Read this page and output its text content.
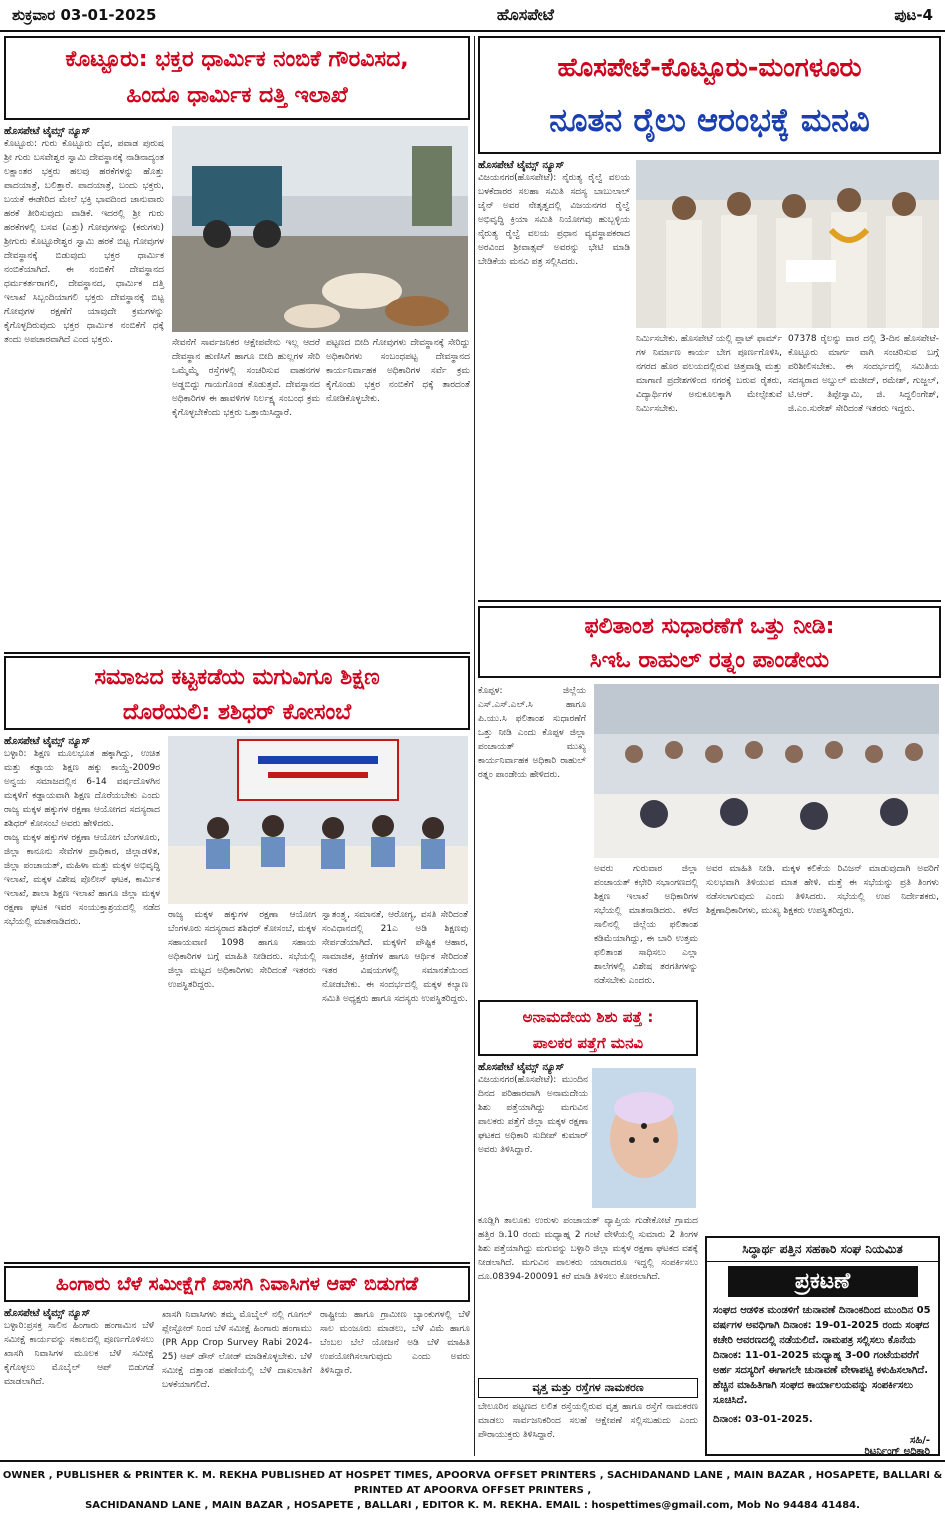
ಶುಕ್ರವಾರ 03-01-2025	ಹೊಸಪೇಟೆ	ಪುಟ-4
ಕೊಟ್ಟೂರು: ಭಕ್ತರ ಧಾರ್ಮಿಕ ನಂಬಿಕೆ ಗೌರವಿಸದ,
ಹಿಂದೂ ಧಾರ್ಮಿಕ ದತ್ತಿ ಇಲಾಖೆ
ಹೊಸಪೇಟೆ ಟೈಮ್ಸ್ ನ್ಯೂಸ್
ಕೊಟ್ಟೂರು: ಗುರು ಕೊಟ್ಟೂರು ದೈವ, ಪವಾಡ ಪುರುಷ ಶ್ರೀ ಗುರು ಬಸವೇಶ್ವರ ಸ್ವಾಮಿ ದೇವಸ್ಥಾನಕ್ಕೆ ನಾಡಿನಾದ್ಯಂತ ಲಕ್ಷಾಂತರ ಭಕ್ತರು ಹಲವು ಹರಕೆಗಳನ್ನು ಹೊತ್ತು ಪಾದಯಾತ್ರೆ, ಬಲಿತ್ತಾರೆ. ಪಾದಯಾತ್ರೆ, ಬಂದು ಭಕ್ತರು, ಬಯಕೆ ಈಡೇರಿದ ಮೇಲೆ ಭಕ್ತಿ ಭಾವದಿಂದ ಜಾನುವಾರು ಹರಕೆ ತೀರಿಸುವುದು ವಾಡಿಕೆ. ಇದರಲ್ಲಿ ಶ್ರೀ ಗುರು ಹರಕೆಗಳಲ್ಲಿ ಬಸವ (ಎತ್ತು) ಗೋವುಗಳನ್ನು (ಕರುಗಳು) ಶ್ರೀಗುರು ಕೊಟ್ಟೂರೇಶ್ವರ ಸ್ವಾಮಿ ಹರಕೆ ಬಿಟ್ಟ ಗೋವುಗಳ ದೇವಸ್ಥಾನಕ್ಕೆ ಬಿಡುವುದು ಭಕ್ತರ ಧಾರ್ಮಿಕ ನಂಬಿಕೆಯಾಗಿದೆ. ಈ ನಂಬಿಕೆಗೆ ದೇವಸ್ಥಾನದ ಧರ್ಮಕರ್ತರಾಗಲಿ, ದೇವಸ್ಥಾನದ, ಧಾರ್ಮಿಕ ದತ್ತಿ ಇಲಾಖೆ ಸಿಬ್ಬಂದಿಯಾಗಲಿ ಭಕ್ತರು ದೇವಸ್ಥಾನಕ್ಕೆ ಬಿಟ್ಟ ಗೋವುಗಳ ರಕ್ಷಣೆಗೆ ಯಾವುದೇ ಕ್ರಮಗಳನ್ನು ಕೈಗೊಳ್ಳದಿರುವುದು ಭಕ್ತರ ಧಾರ್ಮಿಕ ನಂಬಿಕೆಗೆ ಧಕ್ಕೆ ತಂದು ಅಪಚಾರವಾಗಿದೆ ಎಂದ ಭಕ್ತರು.	ಸೇವನೆಗೆ ಸಾರ್ವಜನಿಕರ ಆಕ್ಷೇಪವೇನು ಇಲ್ಲ ಆದರೆ ದೇವಸ್ಥಾನ ಹುಣಿಸಿಗೆ ಹಾಗೂ ಬೀದಿ ಹುಲ್ಲಗಳ ಸೇರಿ ಒಮ್ಮೆಮ್ಮೆ ರಸ್ತೆಗಳಲ್ಲಿ ಸಂಚರಿಸುವ ವಾಹನಗಳ ಅಡ್ಡಬಿದ್ದು ಗಾಯಗೊಂಡ ಕೊಡುತ್ತವೆ. ದೇವಸ್ಥಾನದ ಅಧಿಕಾರಿಗಳ ಈ ಹಾವಳಿಗಳ ನಿರ್ಲಕ್ಷ್ಯ ಸಂಬಂಧ ಕ್ರಮ ಕೈಗೊಳ್ಳಬೇಕೆಂದು ಭಕ್ತರು ಒತ್ತಾಯಿಸಿದ್ದಾರೆ.
ಪಟ್ಟಣದ ಬೀದಿ ಗೋವುಗಳು ದೇವಸ್ಥಾನಕ್ಕೆ ಸೇರಿದ್ದು ಅಧಿಕಾರಿಗಳು ಸಂಬಂಧಪಟ್ಟ ದೇವಸ್ಥಾನದ ಕಾರ್ಯನಿರ್ವಾಹಕ ಅಧಿಕಾರಿಗಳ ಸರ್ವೆ ಕ್ರಮ ಕೈಗೊಂಡು ಭಕ್ತರ ನಂಬಿಕೆಗೆ ಧಕ್ಕೆ ತಾರದಂತೆ ನೋಡಿಕೊಳ್ಳಬೇಕು.
ಹೊಸಪೇಟೆ-ಕೊಟ್ಟೂರು-ಮಂಗಳೂರು
ನೂತನ ರೈಲು ಆರಂಭಕ್ಕೆ ಮನವಿ
ಹೊಸಪೇಟೆ ಟೈಮ್ಸ್ ನ್ಯೂಸ್
ವಿಜಯನಗರ(ಹೊಸಪೇಟೆ): ನೈರುತ್ಯ ರೈಲ್ವೆ ವಲಯ ಬಳಕೆದಾರರ ಸಲಹಾ ಸಮಿತಿ ಸದಸ್ಯ ಬಾಬುಲಾಲ್ ಜೈನ್ ಅವರ ನೇತೃತ್ವದಲ್ಲಿ ವಿಜಯನಗರ ರೈಲ್ವೆ ಅಭಿವೃದ್ಧಿ ಕ್ರಿಯಾ ಸಮಿತಿ ನಿಯೋಗವು ಹುಬ್ಬಳ್ಳಿಯ ನೈರುತ್ಯ ರೈಲ್ವೆ ವಲಯ ಪ್ರಧಾನ ವ್ಯವಸ್ಥಾಪಕರಾದ ಅರವಿಂದ ಶ್ರೀವಾತ್ಸವ್ ಅವರನ್ನು ಭೇಟಿ ಮಾಡಿ ಬೇಡಿಕೆಯ ಮನವಿ ಪತ್ರ ಸಲ್ಲಿಸಿದರು.
ನಿರ್ಮಿಸಬೇಕು. ಹೊಸಪೇಟೆ ಯಲ್ಲಿ ಪ್ಲಾಟ್ ಫಾರ್ಮ್ ಗಳ ನಿರ್ಮಾಣ ಕಾರ್ಯ ಬೇಗ ಪೂರ್ಣಗೊಳಿಸಿ, ನಗರದ ಹೊರ ವಲಯದಲ್ಲಿರುವ ಚಿತ್ತವಾಡ್ಗಿ ಮತ್ತು ಮಾಗಾಣಿ ಪ್ರದೇಶಗಳಿಂದ ನಗರಕ್ಕೆ ಬರುವ ರೈತರು, ವಿದ್ಯಾರ್ಥಿಗಳ ಅನುಕೂಲಕ್ಕಾಗಿ ಮೇಲ್ಸೇತುವೆ ನಿರ್ಮಿಸಬೇಕು.
07378 ರೈಲನ್ನು ವಾರ ದಲ್ಲಿ 3-ದಿನ ಹೊಸಪೇಟೆ-ಕೊಟ್ಟೂರು ಮಾರ್ಗ ವಾಗಿ ಸಂಚರಿಸುವ ಬಗ್ಗೆ ಪರಿಶೀಲಿಸಬೇಕು. ಈ ಸಂದರ್ಭದಲ್ಲಿ ಸಮಿತಿಯ ಸದಸ್ಯರಾದ ಅಬ್ದುಲ್ ಮಜೀದ್, ರಮೇಶ್, ಗುಜ್ಜಲ್, ಟಿ.ಆರ್. ತಿಪ್ಪೇಸ್ವಾಮಿ, ಜಿ. ಸಿದ್ದಲಿಂಗೇಶ್, ಜಿ.ಎಂ.ಸುರೇಶ್ ಸೇರಿದಂತೆ ಇತರರು ಇದ್ದರು.
ಫಲಿತಾಂಶ ಸುಧಾರಣೆಗೆ ಒತ್ತು ನೀಡಿ:
ಸಿಇಓ ರಾಹುಲ್ ರತ್ನಂ ಪಾಂಡೇಯ
ಕೊಪ್ಪಳ: ಜಿಲ್ಲೆಯ ಎಸ್.ಎಸ್.ಎಲ್.ಸಿ ಹಾಗೂ ಪಿ.ಯು.ಸಿ ಫಲಿತಾಂಶ ಸುಧಾರಣೆಗೆ ಒತ್ತು ನೀಡಿ ಎಂದು ಕೊಪ್ಪಳ ಜಿಲ್ಲಾ ಪಂಚಾಯತ್ ಮುಖ್ಯ ಕಾರ್ಯನಿರ್ವಾಹಕ ಅಧಿಕಾರಿ ರಾಹುಲ್ ರತ್ನಂ ಪಾಂಡೇಯ ಹೇಳಿದರು.
ಅವರು ಗುರುವಾರ ಜಿಲ್ಲಾ ಪಂಚಾಯತ್ ಕಛೇರಿ ಸಭಾಂಗಣದಲ್ಲಿ ಶಿಕ್ಷಣ ಇಲಾಖೆ ಅಧಿಕಾರಿಗಳ ಸಭೆಯಲ್ಲಿ ಮಾತನಾಡಿದರು. ಕಳೆದ ಸಾಲಿನಲ್ಲಿ ಜಿಲ್ಲೆಯ ಫಲಿತಾಂಶ ಕಡಿಮೆಯಾಗಿದ್ದು, ಈ ಬಾರಿ ಉತ್ತಮ ಫಲಿತಾಂಶ ಸಾಧಿಸಲು ಎಲ್ಲಾ ಶಾಲೆಗಳಲ್ಲಿ ವಿಶೇಷ ತರಗತಿಗಳನ್ನು ನಡೆಸಬೇಕು ಎಂದರು.
ಅವರ ಮಾಹಿತಿ ನೀಡಿ. ಮಕ್ಕಳ ಕಲಿಕೆಯ ರಿವಿಜನ್ ಮಾಡುವುದಾಗಿ ಅವರಿಗೆ ಸುಲಭವಾಗಿ ತಿಳಿಯುವ ಮಾತ ಹೇಳಿ. ಮತ್ತೆ ಈ ಸಭೆಯನ್ನು ಪ್ರತಿ ತಿಂಗಳು ನಡೆಸಲಾಗುವುದು ಎಂದು ತಿಳಿಸಿದರು. ಸಭೆಯಲ್ಲಿ ಉಪ ನಿರ್ದೇಶಕರು, ಶಿಕ್ಷಣಾಧಿಕಾರಿಗಳು, ಮುಖ್ಯ ಶಿಕ್ಷಕರು ಉಪಸ್ಥಿತರಿದ್ದರು.
ಸಮಾಜದ ಕಟ್ಟಕಡೆಯ ಮಗುವಿಗೂ ಶಿಕ್ಷಣ
ದೊರೆಯಲಿ: ಶಶಿಧರ್ ಕೋಸಂಬೆ
ಹೊಸಪೇಟೆ ಟೈಮ್ಸ್ ನ್ಯೂಸ್
ಬಳ್ಳಾರಿ: ಶಿಕ್ಷಣ ಮೂಲಭೂತ ಹಕ್ಕಾಗಿದ್ದು, ಉಚಿತ ಮತ್ತು ಕಡ್ಡಾಯ ಶಿಕ್ಷಣ ಹಕ್ಕು ಕಾಯ್ದೆ-2009ರ ಅನ್ವಯ ಸಮಾಜದಲ್ಲಿನ 6-14 ವರ್ಷದೊಳಗಿನ ಮಕ್ಕಳಿಗೆ ಕಡ್ಡಾಯವಾಗಿ ಶಿಕ್ಷಣ ದೊರೆಯಬೇಕು ಎಂದು ರಾಜ್ಯ ಮಕ್ಕಳ ಹಕ್ಕುಗಳ ರಕ್ಷಣಾ ಆಯೋಗದ ಸದಸ್ಯರಾದ ಶಶಿಧರ್ ಕೋಸಂಬೆ ಅವರು ಹೇಳಿದರು.
ರಾಜ್ಯ ಮಕ್ಕಳ ಹಕ್ಕುಗಳ ರಕ್ಷಣಾ ಆಯೋಗ ಬೆಂಗಳೂರು, ಜಿಲ್ಲಾ ಕಾನೂನು ಸೇವೆಗಳ ಪ್ರಾಧಿಕಾರ, ಜಿಲ್ಲಾಡಳಿತ, ಜಿಲ್ಲಾ ಪಂಚಾಯತ್, ಮಹಿಳಾ ಮತ್ತು ಮಕ್ಕಳ ಅಭಿವೃದ್ಧಿ ಇಲಾಖೆ, ಮಕ್ಕಳ ವಿಶೇಷ ಪೊಲೀಸ್ ಘಟಕ, ಕಾರ್ಮಿಕ ಇಲಾಖೆ, ಶಾಲಾ ಶಿಕ್ಷಣ ಇಲಾಖೆ ಹಾಗೂ ಜಿಲ್ಲಾ ಮಕ್ಕಳ ರಕ್ಷಣಾ ಘಟಕ ಇವರ ಸಂಯುಕ್ತಾಶ್ರಯದಲ್ಲಿ ನಡೆದ ಸಭೆಯಲ್ಲಿ ಮಾತನಾಡಿದರು.
ರಾಜ್ಯ ಮಕ್ಕಳ ಹಕ್ಕುಗಳ ರಕ್ಷಣಾ ಆಯೋಗ ಬೆಂಗಳೂರು ಸದಸ್ಯರಾದ ಶಶಿಧರ್ ಕೋಸಂಬೆ, ಮಕ್ಕಳ ಸಹಾಯವಾಣಿ 1098 ಹಾಗೂ ಸಹಾಯ ಅಧಿಕಾರಿಗಳ ಬಗ್ಗೆ ಮಾಹಿತಿ ನೀಡಿದರು. ಸಭೆಯಲ್ಲಿ ಜಿಲ್ಲಾ ಮಟ್ಟದ ಅಧಿಕಾರಿಗಳು ಸೇರಿದಂತೆ ಇತರರು ಉಪಸ್ಥಿತರಿದ್ದರು.
ಸ್ವಾತಂತ್ರ್ಯ, ಸಮಾನತೆ, ಆರೋಗ್ಯ, ವಸತಿ ಸೇರಿದಂತೆ ಸಂವಿಧಾನದಲ್ಲಿ 21ಎ ಅಡಿ ಶಿಕ್ಷಣವು ಸೇರ್ಪಡೆಯಾಗಿದೆ. ಮಕ್ಕಳಿಗೆ ಪೌಷ್ಟಿಕ ಆಹಾರ, ಸಾಮಾಜಿಕ, ಕ್ರೀಡೆಗಳ ಹಾಗೂ ಆರ್ಥಿಕ ಸೇರಿದಂತೆ ಇತರ ವಿಷಯಗಳಲ್ಲಿ ಸಮಾನತೆಯಿಂದ ನೋಡಬೇಕು. ಈ ಸಂದರ್ಭದಲ್ಲಿ ಮಕ್ಕಳ ಕಲ್ಯಾಣ ಸಮಿತಿ ಅಧ್ಯಕ್ಷರು ಹಾಗೂ ಸದಸ್ಯರು ಉಪಸ್ಥಿತರಿದ್ದರು.
ಅನಾಮದೇಯ ಶಿಶು ಪತ್ತೆ :
ಪಾಲಕರ ಪತ್ತೆಗೆ ಮನವಿ
ಹೊಸಪೇಟೆ ಟೈಮ್ಸ್ ನ್ಯೂಸ್
ವಿಜಯನಗರ(ಹೊಸಪೇಟೆ): ಮುಂದಿನ ದಿನದ ಪರಿಹಾರವಾಗಿ ಅನಾಮದೇಯ ಶಿಶು ಪತ್ತೆಯಾಗಿದ್ದು ಮಗುವಿನ ಪಾಲಕರು ಪತ್ತೆಗೆ ಜಿಲ್ಲಾ ಮಕ್ಕಳ ರಕ್ಷಣಾ ಘಟಕದ ಅಧಿಕಾರಿ ಸುದೀಪ್ ಕುಮಾರ್ ಅವರು ತಿಳಿಸಿದ್ದಾರೆ.
ಕೂಡ್ಲಿಗಿ ತಾಲೂಕು ಉರುಳು ಪಂಚಾಯತ್ ವ್ಯಾಪ್ತಿಯ ಗುಡೇಕೋಟೆ ಗ್ರಾಮದ ಹತ್ತಿರ ಡಿ.10 ರಂದು ಮಧ್ಯಾಹ್ನ 2 ಗಂಟೆ ವೇಳೆಯಲ್ಲಿ ಸುಮಾರು 2 ತಿಂಗಳ ಶಿಶು ಪತ್ತೆಯಾಗಿದ್ದು ಮಗುವನ್ನು ಬಳ್ಳಾರಿ ಜಿಲ್ಲಾ ಮಕ್ಕಳ ರಕ್ಷಣಾ ಘಟಕದ ವಶಕ್ಕೆ ನೀಡಲಾಗಿದೆ. ಮಗುವಿನ ಪಾಲಕರು ಯಾರಾದರೂ ಇದ್ದಲ್ಲಿ ಸಂಪರ್ಕಿಸಲು ದೂ.08394-200091 ಕರೆ ಮಾಡಿ ತಿಳಿಸಲು ಕೋರಲಾಗಿದೆ.
ವೃತ್ತ ಮತ್ತು ರಸ್ತೆಗಳ ನಾಮಕರಣ
ಬೇಲೂರಿನ ಪಟ್ಟಣದ ಲಲಿತ ರಸ್ತೆಯಲ್ಲಿರುವ ವೃತ್ತ ಹಾಗೂ ರಸ್ತೆಗೆ ನಾಮಕರಣ ಮಾಡಲು ಸಾರ್ವಜನಿಕರಿಂದ ಸಲಹೆ ಆಕ್ಷೇಪಣೆ ಸಲ್ಲಿಸಬಹುದು ಎಂದು ಪೌರಾಯುಕ್ತರು ತಿಳಿಸಿದ್ದಾರೆ.
ಹಿಂಗಾರು ಬೆಳೆ ಸಮೀಕ್ಷೆಗೆ ಖಾಸಗಿ ನಿವಾಸಿಗಳ ಆಪ್ ಬಿಡುಗಡೆ
ಹೊಸಪೇಟೆ ಟೈಮ್ಸ್ ನ್ಯೂಸ್
ಬಳ್ಳಾರಿ:ಪ್ರಸಕ್ತ ಸಾಲಿನ ಹಿಂಗಾರು ಹಂಗಾಮಿನ ಬೆಳೆ ಸಮೀಕ್ಷೆ ಕಾರ್ಯವನ್ನು ಸಕಾಲದಲ್ಲಿ ಪೂರ್ಣಗೊಳಿಸಲು ಖಾಸಗಿ ನಿವಾಸಿಗಳ ಮೂಲಕ ಬೆಳೆ ಸಮೀಕ್ಷೆ ಕೈಗೊಳ್ಳಲು ಮೊಬೈಲ್ ಆಪ್ ಬಿಡುಗಡೆ ಮಾಡಲಾಗಿದೆ.
ಖಾಸಗಿ ನಿವಾಸಿಗಳು ತಮ್ಮ ಮೊಬೈಲ್ ನಲ್ಲಿ ಗೂಗಲ್ ಪ್ಲೇಸ್ಟೋರ್ ನಿಂದ ಬೆಳೆ ಸಮೀಕ್ಷೆ ಹಿಂಗಾರು ಹಂಗಾಮು (PR App Crop Survey Rabi 2024-25) ಆಪ್ ಡೌನ್ ಲೋಡ್ ಮಾಡಿಕೊಳ್ಳಬೇಕು. ಬೆಳೆ ಸಮೀಕ್ಷೆ ದತ್ತಾಂಶ ಪಹಣಿಯಲ್ಲಿ ಬೆಳೆ ದಾಖಲಾತಿಗೆ ಬಳಕೆಯಾಗಲಿದೆ.
ರಾಷ್ಟ್ರೀಯ ಹಾಗೂ ಗ್ರಾಮೀಣ ಬ್ಯಾಂಕುಗಳಲ್ಲಿ ಬೆಳೆ ಸಾಲ ಮಂಜೂರು ಮಾಡಲು, ಬೆಳೆ ವಿಮೆ ಹಾಗೂ ಬೆಂಬಲ ಬೆಲೆ ಯೋಜನೆ ಅಡಿ ಬೆಳೆ ಮಾಹಿತಿ ಉಪಯೋಗಿಸಲಾಗುವುದು ಎಂದು ಅವರು ತಿಳಿಸಿದ್ದಾರೆ.
ಸಿದ್ಧಾರ್ಥ ಪತ್ತಿನ ಸಹಕಾರಿ ಸಂಘ ನಿಯಮಿತ
ಪ್ರಕಟಣೆ
ಸಂಘದ ಆಡಳಿತ ಮಂಡಳಿಗೆ ಚುನಾವಣೆ ದಿನಾಂಕದಿಂದ ಮುಂದಿನ 05 ವರ್ಷಗಳ ಅವಧಿಗಾಗಿ ದಿನಾಂಕ: 19-01-2025 ರಂದು ಸಂಘದ ಕಚೇರಿ ಆವರಣದಲ್ಲಿ ನಡೆಯಲಿದೆ. ನಾಮಪತ್ರ ಸಲ್ಲಿಸಲು ಕೊನೆಯ ದಿನಾಂಕ: 11-01-2025 ಮಧ್ಯಾಹ್ನ 3-00 ಗಂಟೆಯವರೆಗೆ ಅರ್ಹ ಸದಸ್ಯರಿಗೆ ಈಗಾಗಲೇ ಚುನಾವಣೆ ವೇಳಾಪಟ್ಟಿ ಕಳುಹಿಸಲಾಗಿದೆ. ಹೆಚ್ಚಿನ ಮಾಹಿತಿಗಾಗಿ ಸಂಘದ ಕಾರ್ಯಾಲಯವನ್ನು ಸಂಪರ್ಕಿಸಲು ಸೂಚಿಸಿದೆ.
ದಿನಾಂಕ: 03-01-2025.
ಸಹಿ/-
ರಿಟರ್ನಿಂಗ್ ಅಧಿಕಾರಿ
OWNER , PUBLISHER & PRINTER K. M. REKHA PUBLISHED AT HOSPET TIMES, APOORVA OFFSET PRINTERS , SACHIDANAND LANE , MAIN BAZAR , HOSAPETE, BALLARI & PRINTED AT APOORVA OFFSET PRINTERS ,
SACHIDANAND LANE , MAIN BAZAR , HOSAPETE , BALLARI , EDITOR K. M. REKHA. EMAIL : hospettimes@gmail.com, Mob No 94484 41484.
